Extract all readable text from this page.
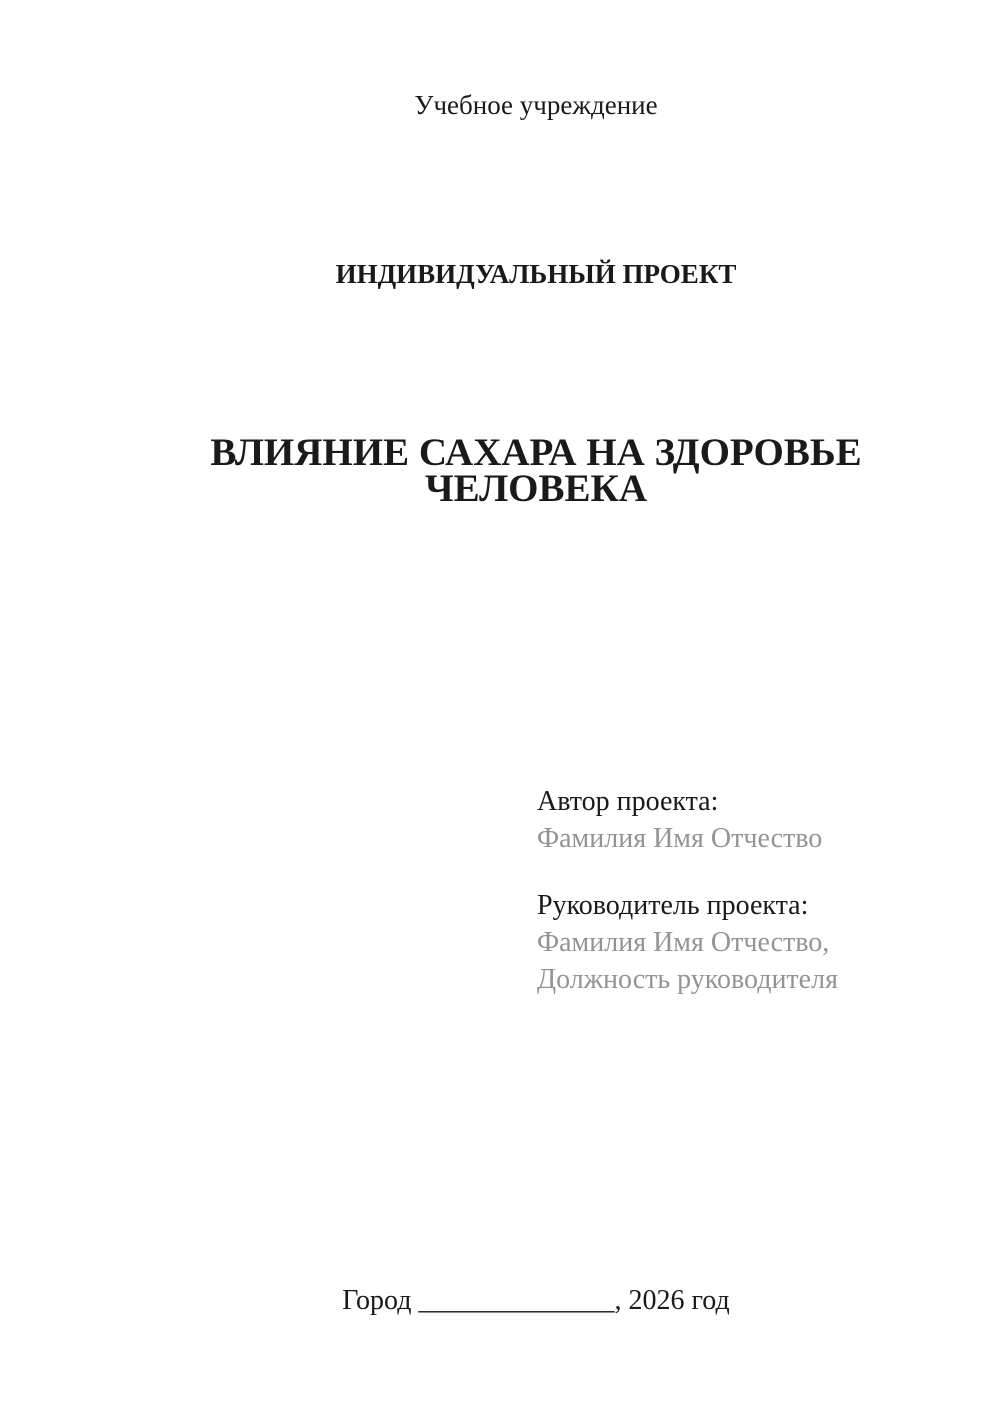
Учебное учреждение
ИНДИВИДУАЛЬНЫЙ ПРОЕКТ
ВЛИЯНИЕ САХАРА НА ЗДОРОВЬЕ ЧЕЛОВЕКА
Автор проекта:
Фамилия Имя Отчество
Руководитель проекта:
Фамилия Имя Отчество,
Должность руководителя
Город ______________, 2026 год
